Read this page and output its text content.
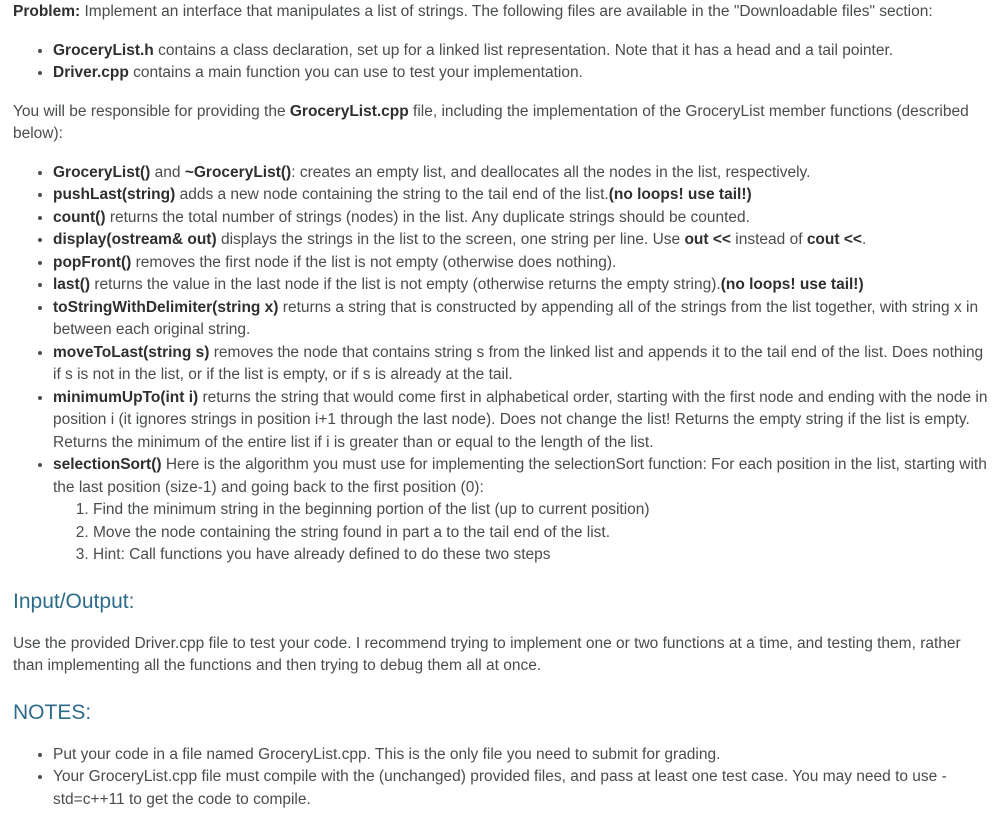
Problem: Implement an interface that manipulates a list of strings. The following files are available in the "Downloadable files" section:

• GroceryList.h contains a class declaration, set up for a linked list representation. Note that it has a head and a tail pointer.
• Driver.cpp contains a main function you can use to test your implementation.

You will be responsible for providing the GroceryList.cpp file, including the implementation of the GroceryList member functions (described below):

• GroceryList() and ~GroceryList(): creates an empty list, and deallocates all the nodes in the list, respectively.
• pushLast(string) adds a new node containing the string to the tail end of the list.(no loops! use tail!)
• count() returns the total number of strings (nodes) in the list. Any duplicate strings should be counted.
• display(ostream& out) displays the strings in the list to the screen, one string per line. Use out << instead of cout <<.
• popFront() removes the first node if the list is not empty (otherwise does nothing).
• last() returns the value in the last node if the list is not empty (otherwise returns the empty string).(no loops! use tail!)
• toStringWithDelimiter(string x) returns a string that is constructed by appending all of the strings from the list together, with string x in between each original string.
• moveToLast(string s) removes the node that contains string s from the linked list and appends it to the tail end of the list. Does nothing if s is not in the list, or if the list is empty, or if s is already at the tail.
• minimumUpTo(int i) returns the string that would come first in alphabetical order, starting with the first node and ending with the node in position i (it ignores strings in position i+1 through the last node). Does not change the list! Returns the empty string if the list is empty. Returns the minimum of the entire list if i is greater than or equal to the length of the list.
• selectionSort() Here is the algorithm you must use for implementing the selectionSort function: For each position in the list, starting with the last position (size-1) and going back to the first position (0):
1. Find the minimum string in the beginning portion of the list (up to current position)
2. Move the node containing the string found in part a to the tail end of the list.
3. Hint: Call functions you have already defined to do these two steps
Input/Output:

Use the provided Driver.cpp file to test your code. I recommend trying to implement one or two functions at a time, and testing them, rather than implementing all the functions and then trying to debug them all at once.

NOTES:
• Put your code in a file named GroceryList.cpp. This is the only file you need to submit for grading.
• Your GroceryList.cpp file must compile with the (unchanged) provided files, and pass at least one test case. You may need to use -std=c++11 to get the code to compile.
